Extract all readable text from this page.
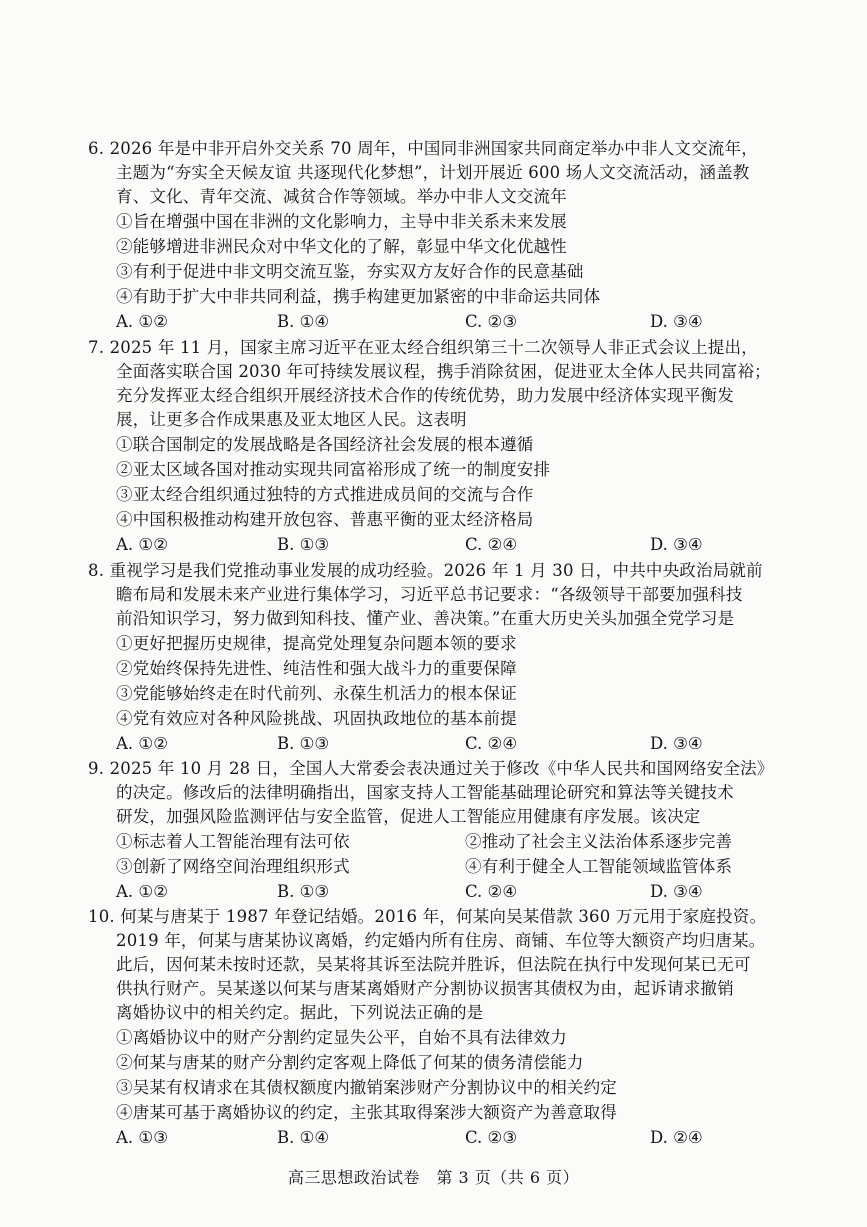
6. 2026 年是中非开启外交关系 70 周年，中国同非洲国家共同商定举办中非人文交流年，
主题为“夯实全天候友谊 共逐现代化梦想”，计划开展近 600 场人文交流活动，涵盖教
育、文化、青年交流、减贫合作等领域。举办中非人文交流年
①旨在增强中国在非洲的文化影响力，主导中非关系未来发展
②能够增进非洲民众对中华文化的了解，彰显中华文化优越性
③有利于促进中非文明交流互鉴，夯实双方友好合作的民意基础
④有助于扩大中非共同利益，携手构建更加紧密的中非命运共同体
A. ①②	B. ①④	C. ②③	D. ③④
7. 2025 年 11 月，国家主席习近平在亚太经合组织第三十二次领导人非正式会议上提出，
全面落实联合国 2030 年可持续发展议程，携手消除贫困，促进亚太全体人民共同富裕；
充分发挥亚太经合组织开展经济技术合作的传统优势，助力发展中经济体实现平衡发
展，让更多合作成果惠及亚太地区人民。这表明
①联合国制定的发展战略是各国经济社会发展的根本遵循
②亚太区域各国对推动实现共同富裕形成了统一的制度安排
③亚太经合组织通过独特的方式推进成员间的交流与合作
④中国积极推动构建开放包容、普惠平衡的亚太经济格局
A. ①②	B. ①③	C. ②④	D. ③④
8. 重视学习是我们党推动事业发展的成功经验。2026 年 1 月 30 日，中共中央政治局就前
瞻布局和发展未来产业进行集体学习，习近平总书记要求：“各级领导干部要加强科技
前沿知识学习，努力做到知科技、懂产业、善决策。”在重大历史关头加强全党学习是
①更好把握历史规律，提高党处理复杂问题本领的要求
②党始终保持先进性、纯洁性和强大战斗力的重要保障
③党能够始终走在时代前列、永葆生机活力的根本保证
④党有效应对各种风险挑战、巩固执政地位的基本前提
A. ①②	B. ①③	C. ②④	D. ③④
9. 2025 年 10 月 28 日，全国人大常委会表决通过关于修改《中华人民共和国网络安全法》
的决定。修改后的法律明确指出，国家支持人工智能基础理论研究和算法等关键技术
研发，加强风险监测评估与安全监管，促进人工智能应用健康有序发展。该决定
①标志着人工智能治理有法可依	②推动了社会主义法治体系逐步完善
③创新了网络空间治理组织形式	④有利于健全人工智能领域监管体系
A. ①②	B. ①③	C. ②④	D. ③④
10. 何某与唐某于 1987 年登记结婚。2016 年，何某向吴某借款 360 万元用于家庭投资。
2019 年，何某与唐某协议离婚，约定婚内所有住房、商铺、车位等大额资产均归唐某。
此后，因何某未按时还款，吴某将其诉至法院并胜诉，但法院在执行中发现何某已无可
供执行财产。吴某遂以何某与唐某离婚财产分割协议损害其债权为由，起诉请求撤销
离婚协议中的相关约定。据此，下列说法正确的是
①离婚协议中的财产分割约定显失公平，自始不具有法律效力
②何某与唐某的财产分割约定客观上降低了何某的债务清偿能力
③吴某有权请求在其债权额度内撤销案涉财产分割协议中的相关约定
④唐某可基于离婚协议的约定，主张其取得案涉大额资产为善意取得
A. ①③	B. ①④	C. ②③	D. ②④
高三思想政治试卷　第 3 页（共 6 页）
